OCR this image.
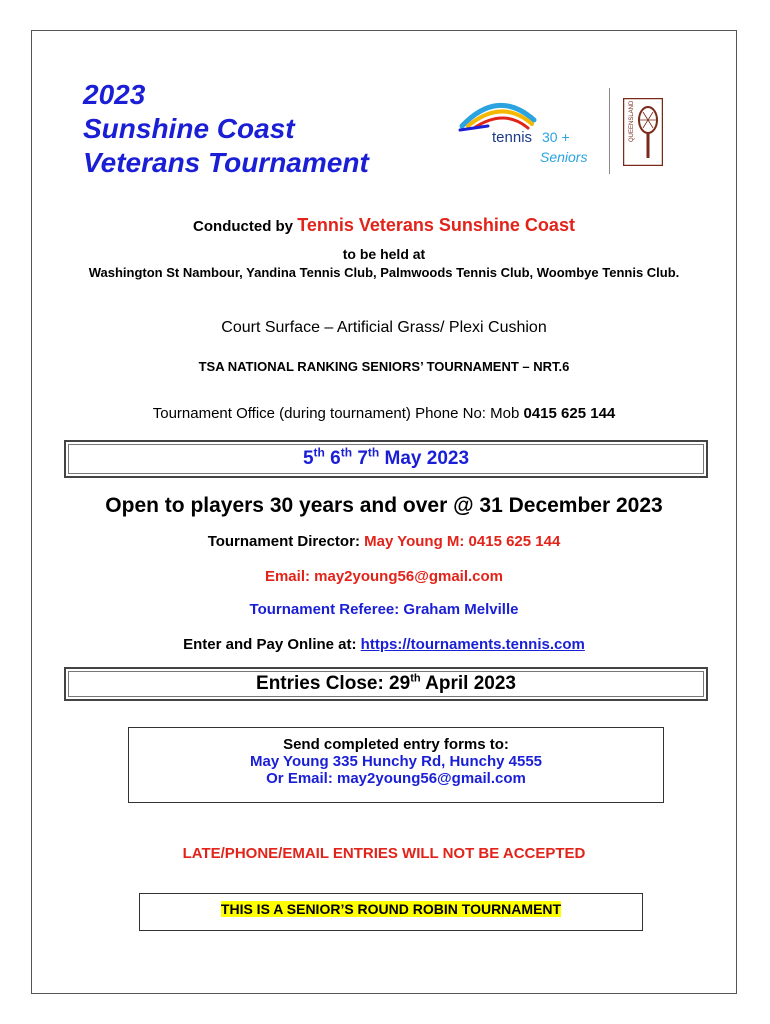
2023
Sunshine Coast
Veterans Tournament
tennis 30 +
Seniors
QUEENSLAND
Conducted by Tennis Veterans Sunshine Coast
to be held at
Washington St Nambour, Yandina Tennis Club, Palmwoods Tennis Club, Woombye Tennis Club.
Court Surface – Artificial Grass/ Plexi Cushion
TSA NATIONAL RANKING SENIORS’ TOURNAMENT – NRT.6
Tournament Office (during tournament) Phone No: Mob 0415 625 144
5th 6th 7th May 2023
Open to players 30 years and over @ 31 December 2023
Tournament Director: May Young M: 0415 625 144
Email: may2young56@gmail.com
Tournament Referee: Graham Melville
Enter and Pay Online at: https://tournaments.tennis.com
Entries Close: 29th April 2023
Send completed entry forms to:
May Young 335 Hunchy Rd, Hunchy 4555
Or Email: may2young56@gmail.com
LATE/PHONE/EMAIL ENTRIES WILL NOT BE ACCEPTED
THIS IS A SENIOR’S ROUND ROBIN TOURNAMENT
